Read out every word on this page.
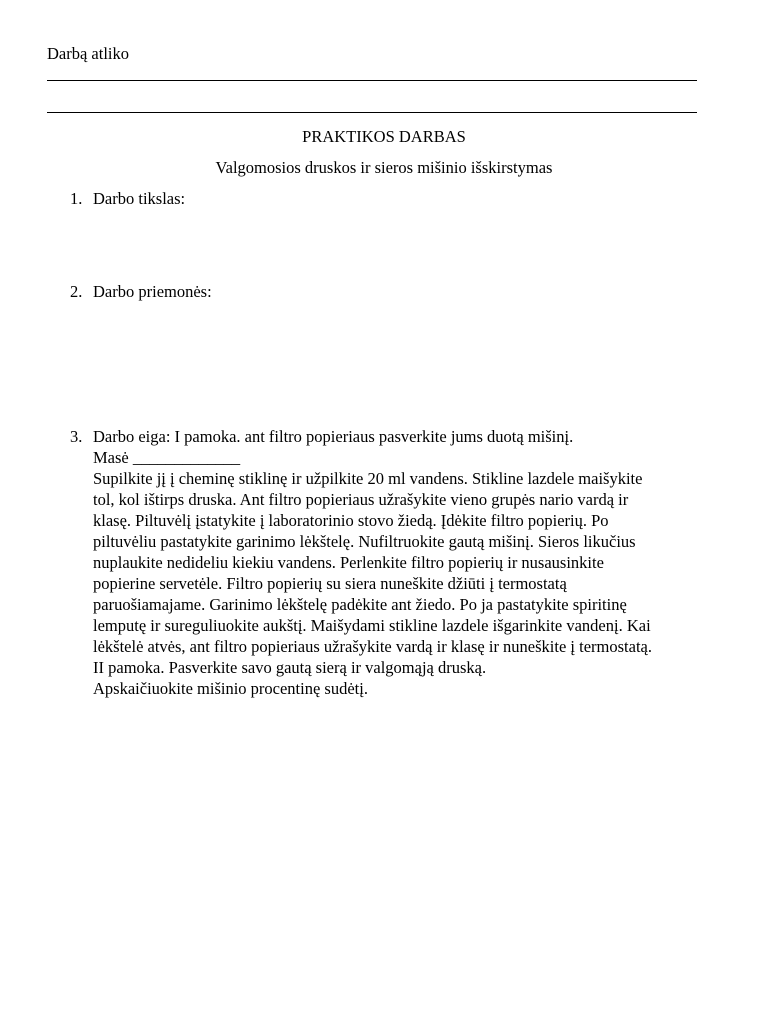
Darbą atliko
PRAKTIKOS DARBAS
Valgomosios druskos ir sieros mišinio išskirstymas
1. Darbo tikslas:
2. Darbo priemonės:
3. Darbo eiga: I pamoka. ant filtro popieriaus pasverkite jums duotą mišinį.
Masė _____________
Supilkite jį į cheminę stiklinę ir užpilkite 20 ml vandens. Stikline lazdele maišykite
tol, kol ištirps druska. Ant filtro popieriaus užrašykite vieno grupės nario vardą ir
klasę. Piltuvėlį įstatykite į laboratorinio stovo žiedą. Įdėkite filtro popierių. Po
piltuvėliu pastatykite garinimo lėkštelę. Nufiltruokite gautą mišinį. Sieros likučius
nuplaukite nedideliu kiekiu vandens. Perlenkite filtro popierių ir nusausinkite
popierine servetėle. Filtro popierių su siera nuneškite džiūti į termostatą
paruošiamajame. Garinimo lėkštelę padėkite ant žiedo. Po ja pastatykite spiritinę
lemputę ir sureguliuokite aukštį. Maišydami stikline lazdele išgarinkite vandenį. Kai
lėkštelė atvės, ant filtro popieriaus užrašykite vardą ir klasę ir nuneškite į termostatą.
II pamoka. Pasverkite savo gautą sierą ir valgomąją druską.
Apskaičiuokite mišinio procentinę sudėtį.
